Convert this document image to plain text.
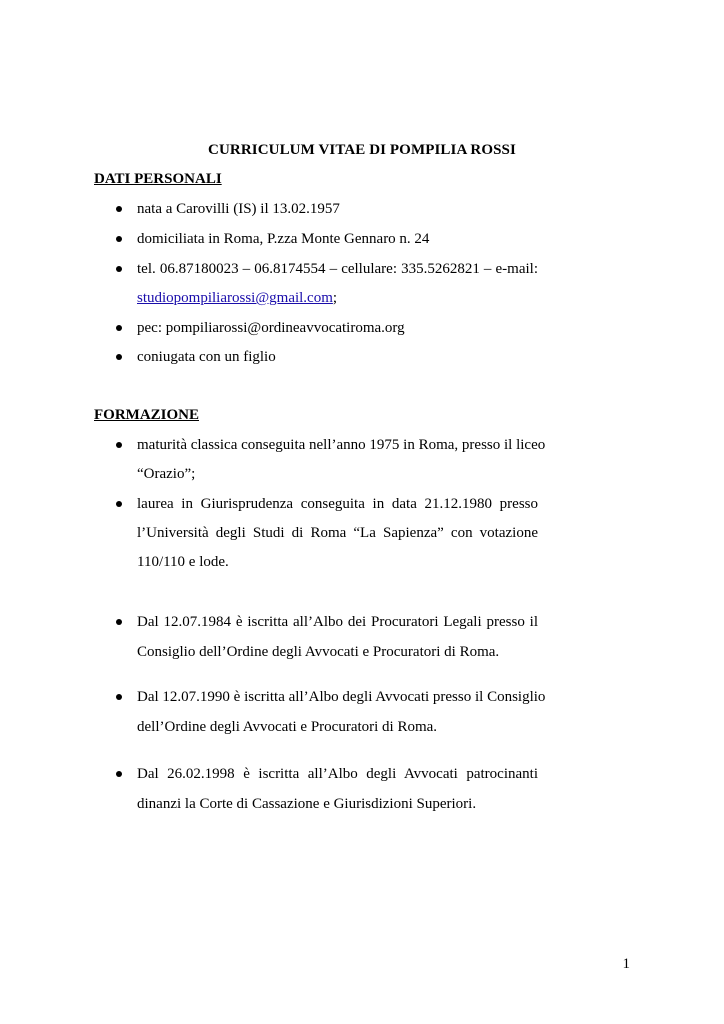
CURRICULUM VITAE DI POMPILIA ROSSI
DATI PERSONALI
nata a Carovilli (IS) il 13.02.1957
domiciliata in Roma, P.zza Monte Gennaro n. 24
tel. 06.87180023 – 06.8174554 – cellulare: 335.5262821 – e-mail:
studiopompiliarossi@gmail.com;
pec: pompiliarossi@ordineavvocatiroma.org
coniugata con un figlio
FORMAZIONE
maturità classica conseguita nell’anno 1975 in Roma, presso il liceo
“Orazio”;
laurea in Giurisprudenza conseguita in data 21.12.1980 presso
l’Università degli Studi di Roma “La Sapienza” con votazione
110/110 e lode.
Dal 12.07.1984 è iscritta all’Albo dei Procuratori Legali presso il
Consiglio dell’Ordine degli Avvocati e Procuratori di Roma.
Dal 12.07.1990 è iscritta all’Albo degli Avvocati presso il Consiglio
dell’Ordine degli Avvocati e Procuratori di Roma.
Dal 26.02.1998 è iscritta all’Albo degli Avvocati patrocinanti
dinanzi la Corte di Cassazione e Giurisdizioni Superiori.
1
